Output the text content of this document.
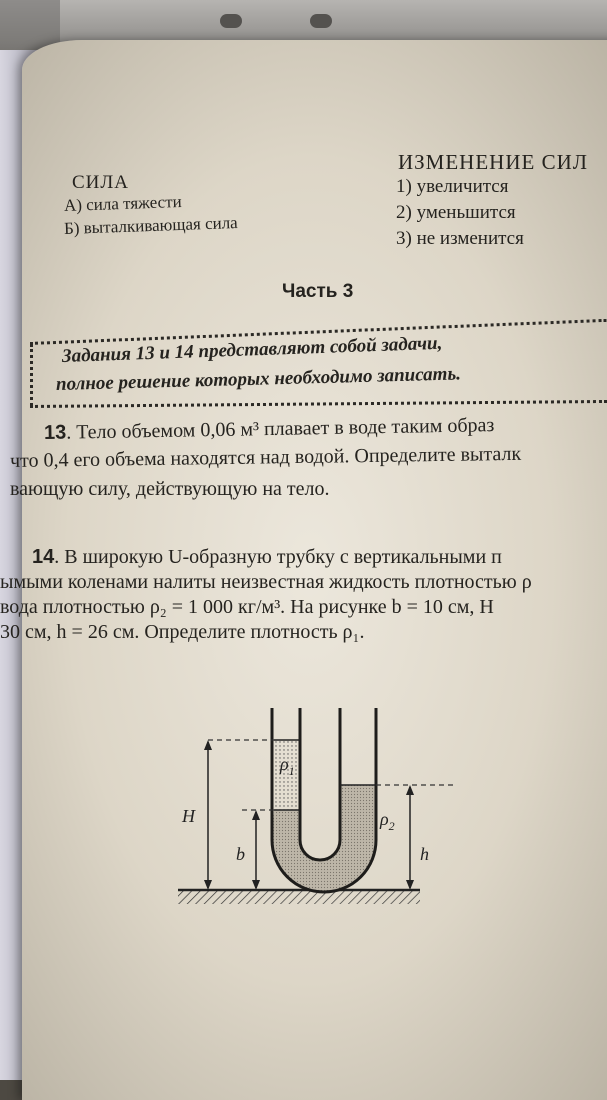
СИЛА
А) сила тяжести
Б) выталкивающая сила
ИЗМЕНЕНИЕ СИЛ
1) увеличится
2) уменьшится
3) не изменится
Часть 3
Задания 13 и 14 представляют собой задачи,
полное решение которых необходимо записать.
13. Тело объемом 0,06 м³ плавает в воде таким образ
что 0,4 его объема находятся над водой. Определите выталк
вающую силу, действующую на тело.
14. В широкую U-образную трубку с вертикальными п
ымыми коленами налиты неизвестная жидкость плотностью ρ
вода плотностью ρ₂ = 1 000 кг/м³. На рисунке b = 10 см, H
30 см, h = 26 см. Определите плотность ρ₁.
$\rho_1$
$\rho_2$
H
b	h
